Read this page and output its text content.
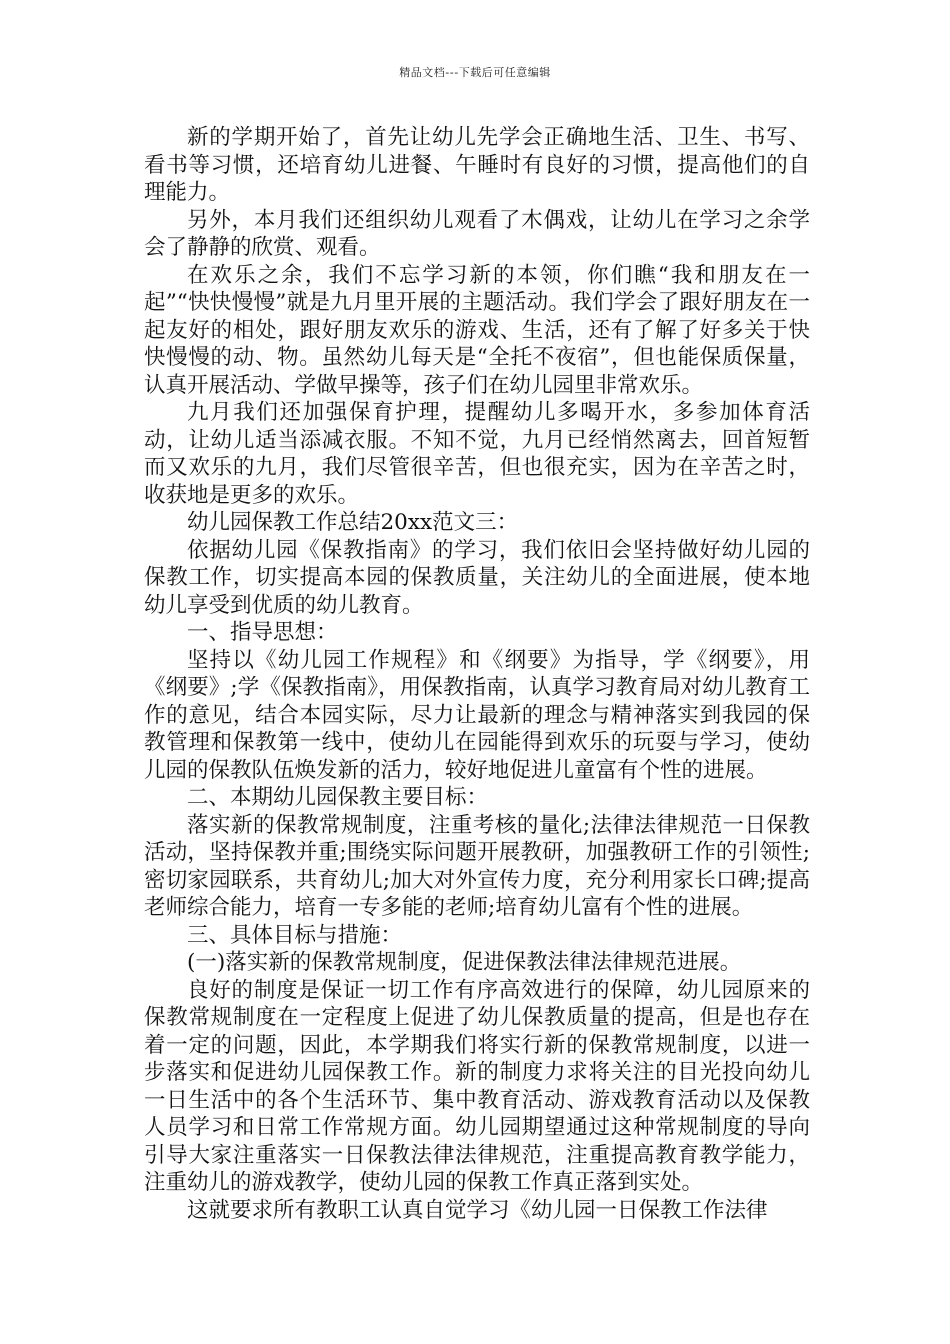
精品文档---下载后可任意编辑

新的学期开始了，首先让幼儿先学会正确地生活、卫生、书写、看书等习惯，还培育幼儿进餐、午睡时有良好的习惯，提高他们的自理能力。

另外，本月我们还组织幼儿观看了木偶戏，让幼儿在学习之余学会了静静的欣赏、观看。

在欢乐之余，我们不忘学习新的本领，你们瞧“我和朋友在一起”“快快慢慢”就是九月里开展的主题活动。我们学会了跟好朋友在一起友好的相处，跟好朋友欢乐的游戏、生活，还有了解了好多关于快快慢慢的动、物。虽然幼儿每天是“全托不夜宿”，但也能保质保量，认真开展活动、学做早操等，孩子们在幼儿园里非常欢乐。

九月我们还加强保育护理，提醒幼儿多喝开水，多参加体育活动，让幼儿适当添减衣服。不知不觉，九月已经悄然离去，回首短暂而又欢乐的九月，我们尽管很辛苦，但也很充实，因为在辛苦之时，收获地是更多的欢乐。

幼儿园保教工作总结20xx范文三：

依据幼儿园《保教指南》的学习，我们依旧会坚持做好幼儿园的保教工作，切实提高本园的保教质量，关注幼儿的全面进展，使本地幼儿享受到优质的幼儿教育。

一、指导思想：

坚持以《幼儿园工作规程》和《纲要》为指导，学《纲要》，用《纲要》;学《保教指南》，用保教指南，认真学习教育局对幼儿教育工作的意见，结合本园实际，尽力让最新的理念与精神落实到我园的保教管理和保教第一线中，使幼儿在园能得到欢乐的玩耍与学习，使幼儿园的保教队伍焕发新的活力，较好地促进儿童富有个性的进展。

二、本期幼儿园保教主要目标：

落实新的保教常规制度，注重考核的量化;法律法律规范一日保教活动，坚持保教并重;围绕实际问题开展教研，加强教研工作的引领性;密切家园联系，共育幼儿;加大对外宣传力度，充分利用家长口碑;提高老师综合能力，培育一专多能的老师;培育幼儿富有个性的进展。

三、具体目标与措施：

(一)落实新的保教常规制度，促进保教法律法律规范进展。

良好的制度是保证一切工作有序高效进行的保障，幼儿园原来的保教常规制度在一定程度上促进了幼儿保教质量的提高，但是也存在着一定的问题，因此，本学期我们将实行新的保教常规制度，以进一步落实和促进幼儿园保教工作。新的制度力求将关注的目光投向幼儿一日生活中的各个生活环节、集中教育活动、游戏教育活动以及保教人员学习和日常工作常规方面。幼儿园期望通过这种常规制度的导向引导大家注重落实一日保教法律法律规范，注重提高教育教学能力，注重幼儿的游戏教学，使幼儿园的保教工作真正落到实处。

这就要求所有教职工认真自觉学习《幼儿园一日保教工作法律
